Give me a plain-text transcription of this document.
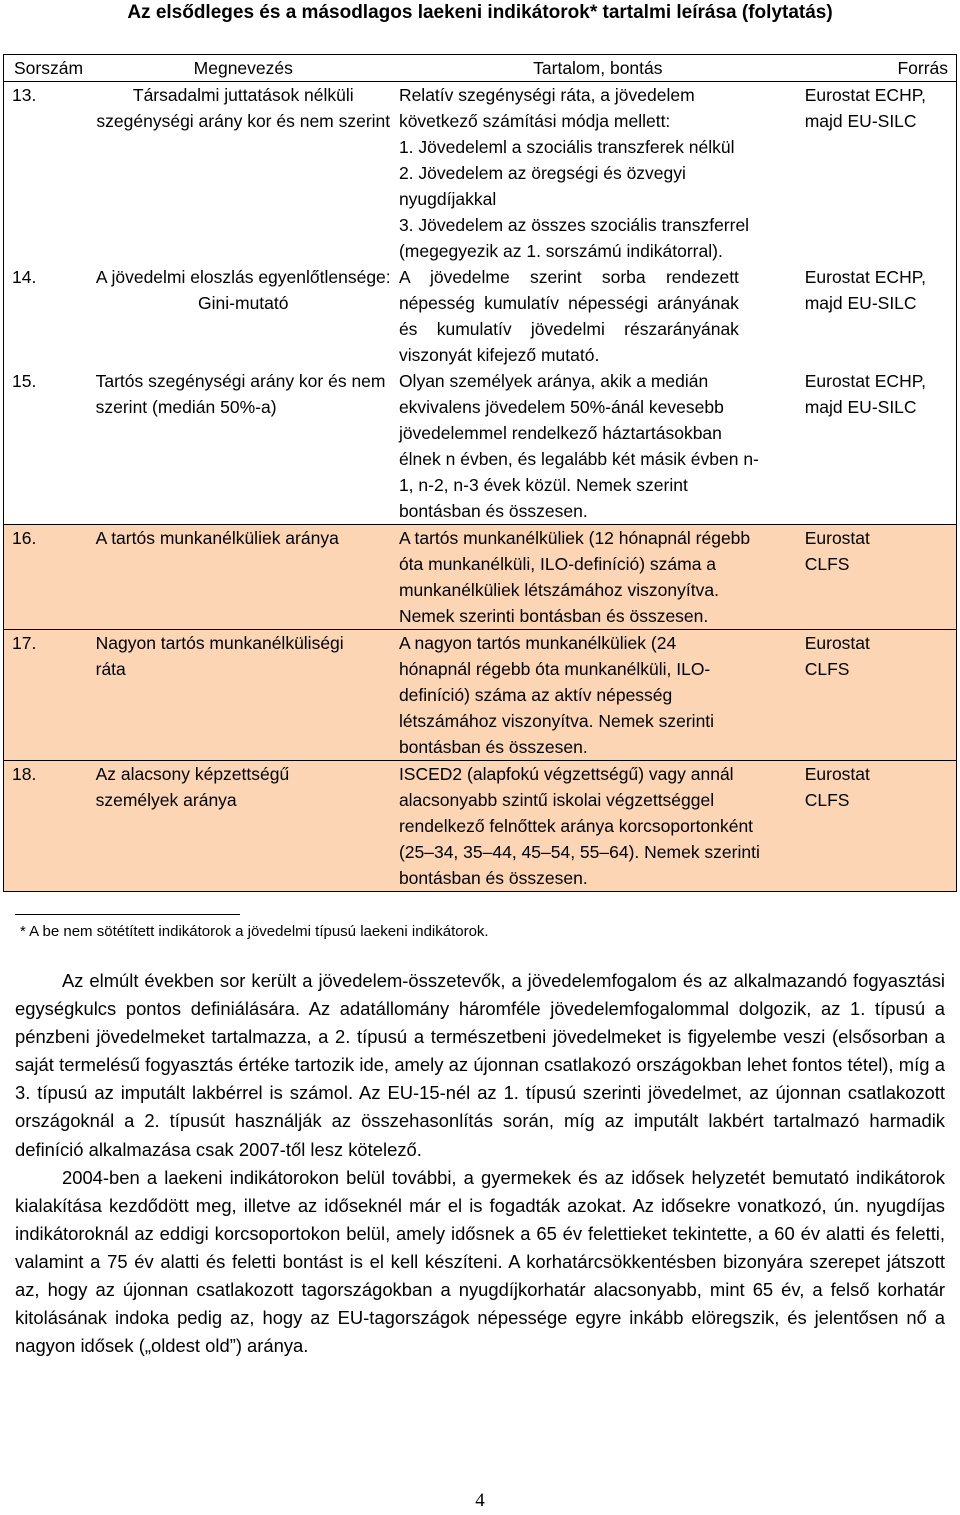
Az elsődleges és a másodlagos laekeni indikátorok* tartalmi leírása (folytatás)
Sorszám	Megnevezés	Tartalom, bontás	Forrás
13.	Társadalmi juttatások nélküli szegénységi arány kor és nem szerint	Relatív szegénységi ráta, a jövedelem következő számítási módja mellett:
1. Jövedeleml a szociális transzferek nélkül
2. Jövedelem az öregségi és özvegyi nyugdíjakkal
3. Jövedelem az összes szociális transzferrel (megegyezik az 1. sorszámú indikátorral).	Eurostat ECHP, majd EU-SILC
14.	A jövedelmi eloszlás egyenlőtlensége: Gini-mutató	A jövedelme szerint sorba rendezett népesség kumulatív népességi arányának és kumulatív jövedelmi részarányának viszonyát kifejező mutató.	Eurostat ECHP, majd EU-SILC
15.	Tartós szegénységi arány kor és nem szerint (medián 50%-a)	Olyan személyek aránya, akik a medián ekvivalens jövedelem 50%-ánál kevesebb jövedelemmel rendelkező háztartásokban élnek n évben, és legalább két másik évben n-1, n-2, n-3 évek közül. Nemek szerint bontásban és összesen.	Eurostat ECHP, majd EU-SILC
16.	A tartós munkanélküliek aránya	A tartós munkanélküliek (12 hónapnál régebb óta munkanélküli, ILO-definíció) száma a munkanélküliek létszámához viszonyítva. Nemek szerinti bontásban és összesen.	Eurostat CLFS

17.	Nagyon tartós munkanélküliségi ráta	A nagyon tartós munkanélküliek (24 hónapnál régebb óta munkanélküli, ILO-definíció) száma az aktív népesség létszámához viszonyítva. Nemek szerinti bontásban és összesen.	Eurostat CLFS

18.	Az alacsony képzettségű személyek aránya	ISCED2 (alapfokú végzettségű) vagy annál alacsonyabb szintű iskolai végzettséggel rendelkező felnőttek aránya korcsoportonként (25–34, 35–44, 45–54, 55–64). Nemek szerinti bontásban és összesen.	Eurostat CLFS
* A be nem sötétített indikátorok a jövedelmi típusú laekeni indikátorok.

Az elmúlt években sor került a jövedelem-összetevők, a jövedelemfogalom és az alkalmazandó fogyasztási egységkulcs pontos definiálására. Az adatállomány háromféle jövedelemfogalommal dolgozik, az 1. típusú a pénzbeni jövedelmeket tartalmazza, a 2. típusú a természetbeni jövedelmeket is figyelembe veszi (elsősorban a saját termelésű fogyasztás értéke tartozik ide, amely az újonnan csatlakozó országokban lehet fontos tétel), míg a 3. típusú az imputált lakbérrel is számol. Az EU-15-nél az 1. típusú szerinti jövedelmet, az újonnan csatlakozott országoknál a 2. típusút használják az összehasonlítás során, míg az imputált lakbért tartalmazó harmadik definíció alkalmazása csak 2007-től lesz kötelező.

2004-ben a laekeni indikátorokon belül további, a gyermekek és az idősek helyzetét bemutató indikátorok kialakítása kezdődött meg, illetve az időseknél már el is fogadták azokat. Az idősekre vonatkozó, ún. nyugdíjas indikátoroknál az eddigi korcsoportokon belül, amely idősnek a 65 év felettieket tekintette, a 60 év alatti és feletti, valamint a 75 év alatti és feletti bontást is el kell készíteni. A korhatárcsökkentésben bizonyára szerepet játszott az, hogy az újonnan csatlakozott tagországokban a nyugdíjkorhatár alacsonyabb, mint 65 év, a felső korhatár kitolásának indoka pedig az, hogy az EU-tagországok népessége egyre inkább elöregszik, és jelentősen nő a nagyon idősek („oldest old”) aránya.

4
